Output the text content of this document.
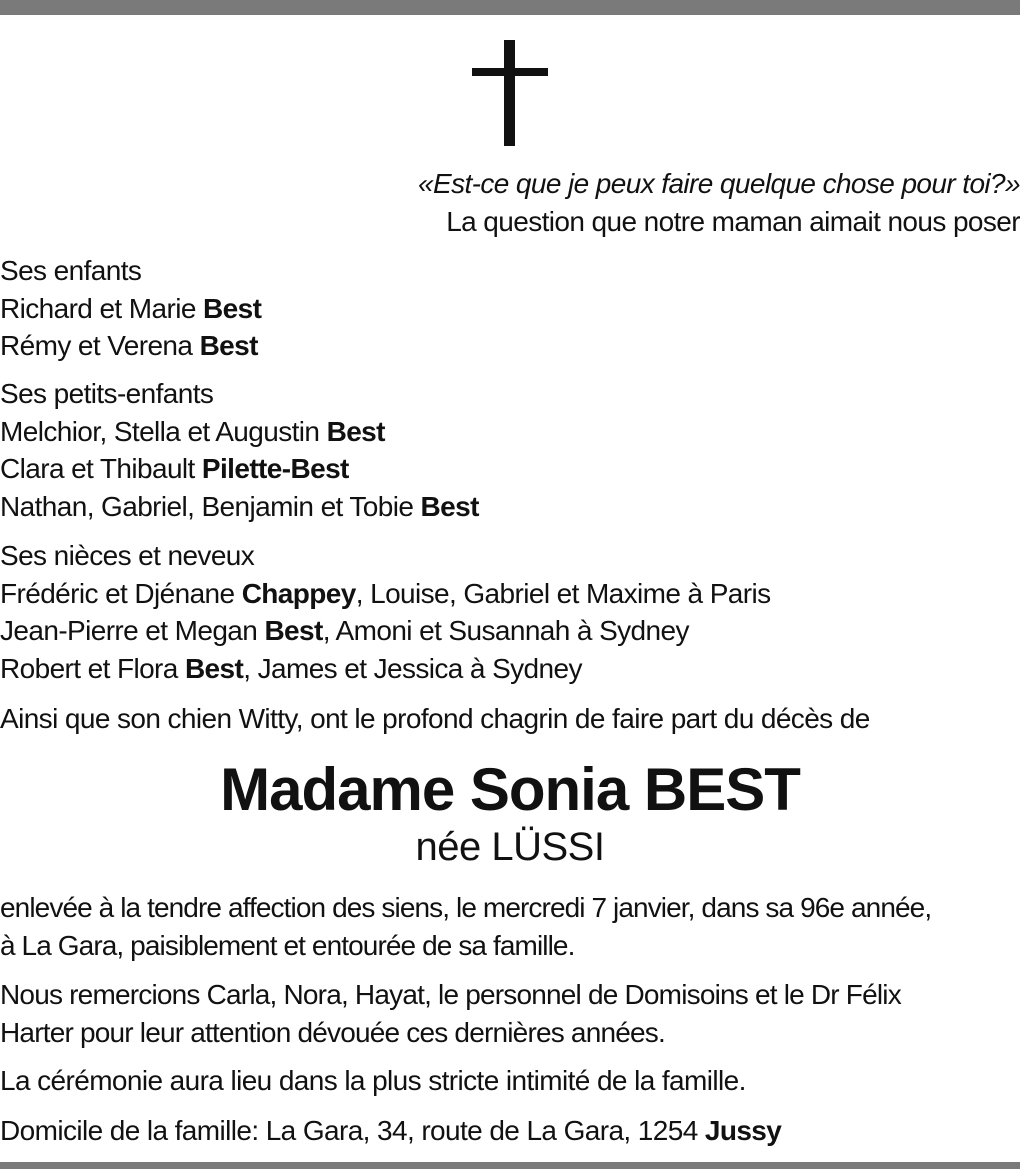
«Est-ce que je peux faire quelque chose pour toi?»
La question que notre maman aimait nous poser

Ses enfants

Richard et Marie Best

Rémy et Verena Best

Ses petits-enfants

Melchior, Stella et Augustin Best

Clara et Thibault Pilette-Best

Nathan, Gabriel, Benjamin et Tobie Best

Ses nièces et neveux

Frédéric et Djénane Chappey, Louise, Gabriel et Maxime à Paris

Jean-Pierre et Megan Best, Amoni et Susannah à Sydney

Robert et Flora Best, James et Jessica à Sydney

Ainsi que son chien Witty, ont le profond chagrin de faire part du décès de

Madame Sonia BEST
née LÜSSI

enlevée à la tendre affection des siens, le mercredi 7 janvier, dans sa 96e année,

à La Gara, paisiblement et entourée de sa famille.

Nous remercions Carla, Nora, Hayat, le personnel de Domisoins et le Dr Félix

Harter pour leur attention dévouée ces dernières années.

La cérémonie aura lieu dans la plus stricte intimité de la famille.

Domicile de la famille: La Gara, 34, route de La Gara, 1254 Jussy
